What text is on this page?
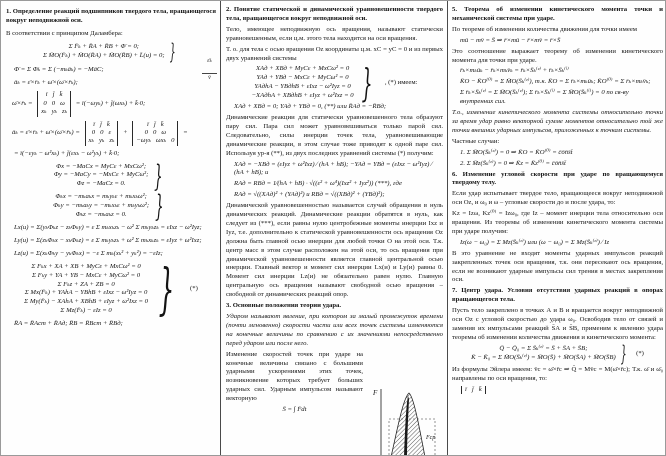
1. Определение реакций подшипников твердого тела, вращающегося вокруг неподвижной оси.
В соответствии с принципом Даламбера:
Σ F̄ₖ + R̄A + R̄B + Φ̄ = 0;
Σ M̄O(F̄ₖ) + M̄O(R̄A) + M̄O(R̄B) + L̄(и) = 0; }
Φ̄ = Σ Φ̄ₖ = Σ (−mₖāₖ) = −MāC;
āₖ = ε̄×r̄ₖ + ω̄×(ω̄×r̄ₖ);
ω̄×r̄ₖ =
ī   j̄   k̄
0   0   ω
xₖ   yₖ   zₖ
= ī(−ωyₖ) + j̄(ωxₖ) + k̄·0;
āₖ = ε̄×r̄ₖ + ω̄×(ω̄×r̄ₖ) =
ī   j̄   k̄
0   0   ε
xₖ   yₖ   zₖ
+
ī   j̄   k̄
0   0   ω
−ωyₖ   ωxₖ   0
=
= ī(−εyₖ − ω²xₖ) + j̄(εxₖ − ω²yₖ) + k̄·0;
Φx = −MaCx = MyCε + MxCω²;
Φy = −MaCy = −MxCε + MyCω²;
Φz = −MaCz = 0. }
Φₖx = −mₖaₖx = mₖyₖε + mₖxₖω²;
Φₖy = −mₖaₖy = −mₖxₖε + mₖyₖω²;
Φₖz = −mₖaₖz = 0. }
Lx(и) = Σ(yₖΦₖz − zₖΦₖy) = ε Σ mₖxₖzₖ − ω² Σ mₖyₖzₖ = εIxz − ω²Iyz;
Ly(и) = Σ(zₖΦₖx − xₖΦₖz) = ε Σ mₖyₖzₖ + ω² Σ mₖxₖzₖ = εIyz + ω²Ixz;
Lz(и) = Σ(xₖΦₖy − yₖΦₖx) = −ε Σ mₖ(xₖ² + yₖ²) = −εIz;
Σ Fₖx + XA + XB + MyCε + MxCω² = 0
Σ Fₖy + YA + YB − MxCε + MyCω² = 0
Σ Fₖz + ZA + ZB = 0
Σ Mx(F̄ₖ) + YAhA − YBhB + εIxz − ω²Iyz = 0
Σ My(F̄ₖ) − XAhA + XBhB + εIyz + ω²Ixz = 0
Σ Mz(F̄ₖ) − εIz = 0 } (*)
R̄A = R̄Aст + R̄Aд; R̄B = R̄Bст + R̄Bд;
2. Понятие статической и динамической уравновешенности твердого тела, вращающегося вокруг неподвижной оси.
Тело, имеющее неподвижную ось вращения, называют статически уравновешенным, если ц.м. этого тела находится на оси вращения.
Т. о. для тела с осью вращения Oz координаты ц.м. xC = yC = 0 и из первых двух уравнений системы
XAд + XBд + MyCε + MxCω² = 0
YAд + YBд − MxCε + MyCω² = 0
YAдhA − YBдhB + εIxz − ω²Iyz = 0
−XAдhA + XBдhB + εIyz + ω²Ixz = 0 } , (*) имеем:
XAд + XBд = 0; YAд + YBд = 0, (**) или R̄Aд = −R̄Bд;
Динамические реакции для статически уравновешенного тела образуют пару сил. Пара сил может уравновешиваться только парой сил. Следовательно, силы инерции точек тела, уравновешивающие динамические реакции, в этом случае тоже приводят к одной паре сил. Используя ур-я (**), из двух последних уравнений системы (*) получим:
XAд = −XBд = (εIyz + ω²Ixz) ∕ (hA + hB); −YAд = YBд = (εIxz − ω²Iyz) ∕ (hA + hB); и
RAд = RBд = 1∕(hA + hB) · √((ε² + ω⁴)(Ixz² + Iyz²)) (***), где
RAд = √((XAд)² + (YAд)²) и RBд = √((XBд)² + (YBд)²);
Динамической уравновешенностью называется случай обращения в нуль динамических реакций. Динамические реакции обратятся в нуль, как следует из (***), если равны нулю центробежные моменты инерции Ixz и Iyz, т.е. дополнительно к статической уравновешенности ось вращения Oz должна быть главной осью инерции для любой точки O на этой оси. Т.к. центр масс в этом случае расположен на этой оси, то ось вращения при динамической уравновешенности является главной центральной осью инерции. Главный вектор и момент сил инерции Lx(и) и Ly(и) равны 0. Момент сил инерции Lz(и) не обязательно равен нулю. Главную центральную ось вращения называют свободной осью вращения – свободной от динамических реакций опор.
3. Основные положения теории удара.
Ударом называют явление, при котором за малый промежуток времени (почти мгновенно) скорости части или всех точек системы изменяются на конечные величины по сравнению с их значениями непосредственно перед ударом или после него.
Изменение скоростей точек при ударе на конечные величины связано с большими ударными ускорениями этих точек, возникновение которых требует больших ударных сил. Ударным импульсом называют векторную
S̄ = ∫ F̄dt
5. Теорема об изменении кинетического момента точки и механической системы при ударе.
По теореме об изменении количества движения для точки имеем
mū − mv̄ = S̄ ⇒ r̄×mū − r̄×mv̄ = r̄×S̄
Это соотношение выражает теорему об изменении кинетического момента для точки при ударе.
r̄ₖ×mₖūₖ − r̄ₖ×mₖv̄ₖ = r̄ₖ×S̄ₖ⁽ᵉ⁾ + r̄ₖ×S̄ₖ⁽ⁱ⁾
K̄O − K̄O⁽⁰⁾ = Σ M̄O(S̄ₖ⁽ᵉ⁾), т.к. K̄O = Σ r̄ₖ×mₖūₖ; K̄O⁽⁰⁾ = Σ r̄ₖ×mₖv̄ₖ;
Σ r̄ₖ×S̄ₖ⁽ᵉ⁾ = Σ M̄O(S̄ₖ⁽ᵉ⁾); Σ r̄ₖ×S̄ₖ⁽ⁱ⁾ = Σ M̄O(S̄ₖ⁽ⁱ⁾) = 0 по св-ву внутренних сил.
Т.о., изменение кинетического момента системы относительно точки за время удар равно векторной сумме моментов относительно той же точки внешних ударных импульсов, приложенных к точкам системы.
Частные случаи:
1. Σ M̄O(S̄ₖ⁽ᵉ⁾) = 0 ⇒ K̄O = K̄O⁽⁰⁾ = c̄ōn̄s̄t̄
2. Σ M̄z(S̄ₖ⁽ᵉ⁾) = 0 ⇒ K̄z = K̄z⁽⁰⁾ = c̄ōn̄s̄t̄
6. Изменение угловой скорости при ударе по вращающемуся твердому телу.
Если удар испытывает твердое тело, вращающееся вокруг неподвижной оси Oz, и ω₀ и ω – угловые скорости до и после удара, то:
Kz = Izω, Kz⁽⁰⁾ = Izω₀, где Iz – момент инерции тела относительно оси вращения. Из теоремы об изменении кинетического момента системы при ударе получим:
Iz(ω − ω₀) = Σ Mz(S̄ₖ⁽ᵉ⁾) или (ω − ω₀) = Σ Mz(S̄ₖ⁽ᵉ⁾) ∕ Iz
В это уравнение не входят моменты ударных импульсов реакций закрепленных точек оси вращения, т.к. они пересекают ось вращения, если не возникают ударные импульсы сил трения в местах закрепления оси.
7. Центр удара. Условия отсутствия ударных реакций в опорах вращающегося тела.
Пусть тело закреплено в точках А и В и вращается вокруг неподвижной оси Oz с угловой скоростью до удара ω₀. Освободив тело от связей и заменив их импульсами реакций S̄A и S̄B, применим к явлению удара теоремы об изменении количества движения и кинетического момента:
Q̄ − Q̄₀ = Σ S̄ₖ⁽ᵉ⁾ = S̄ + S̄A + S̄B;
K̄ − K̄₀ = Σ M̄O(S̄ₖ⁽ᵉ⁾) = M̄O(S̄) + M̄O(S̄A) + M̄O(S̄B) } (*)
Из формулы Эйлера имеем: v̄c = ω̄×r̄c ⇒ Q̄ = Mv̄c = M(ω̄×r̄c); Т.к. ω̄ и ω̄₀ направлены по оси вращения, то:
ī   j̄   k̄
ε̄ₖ
v̄
F
Fср
